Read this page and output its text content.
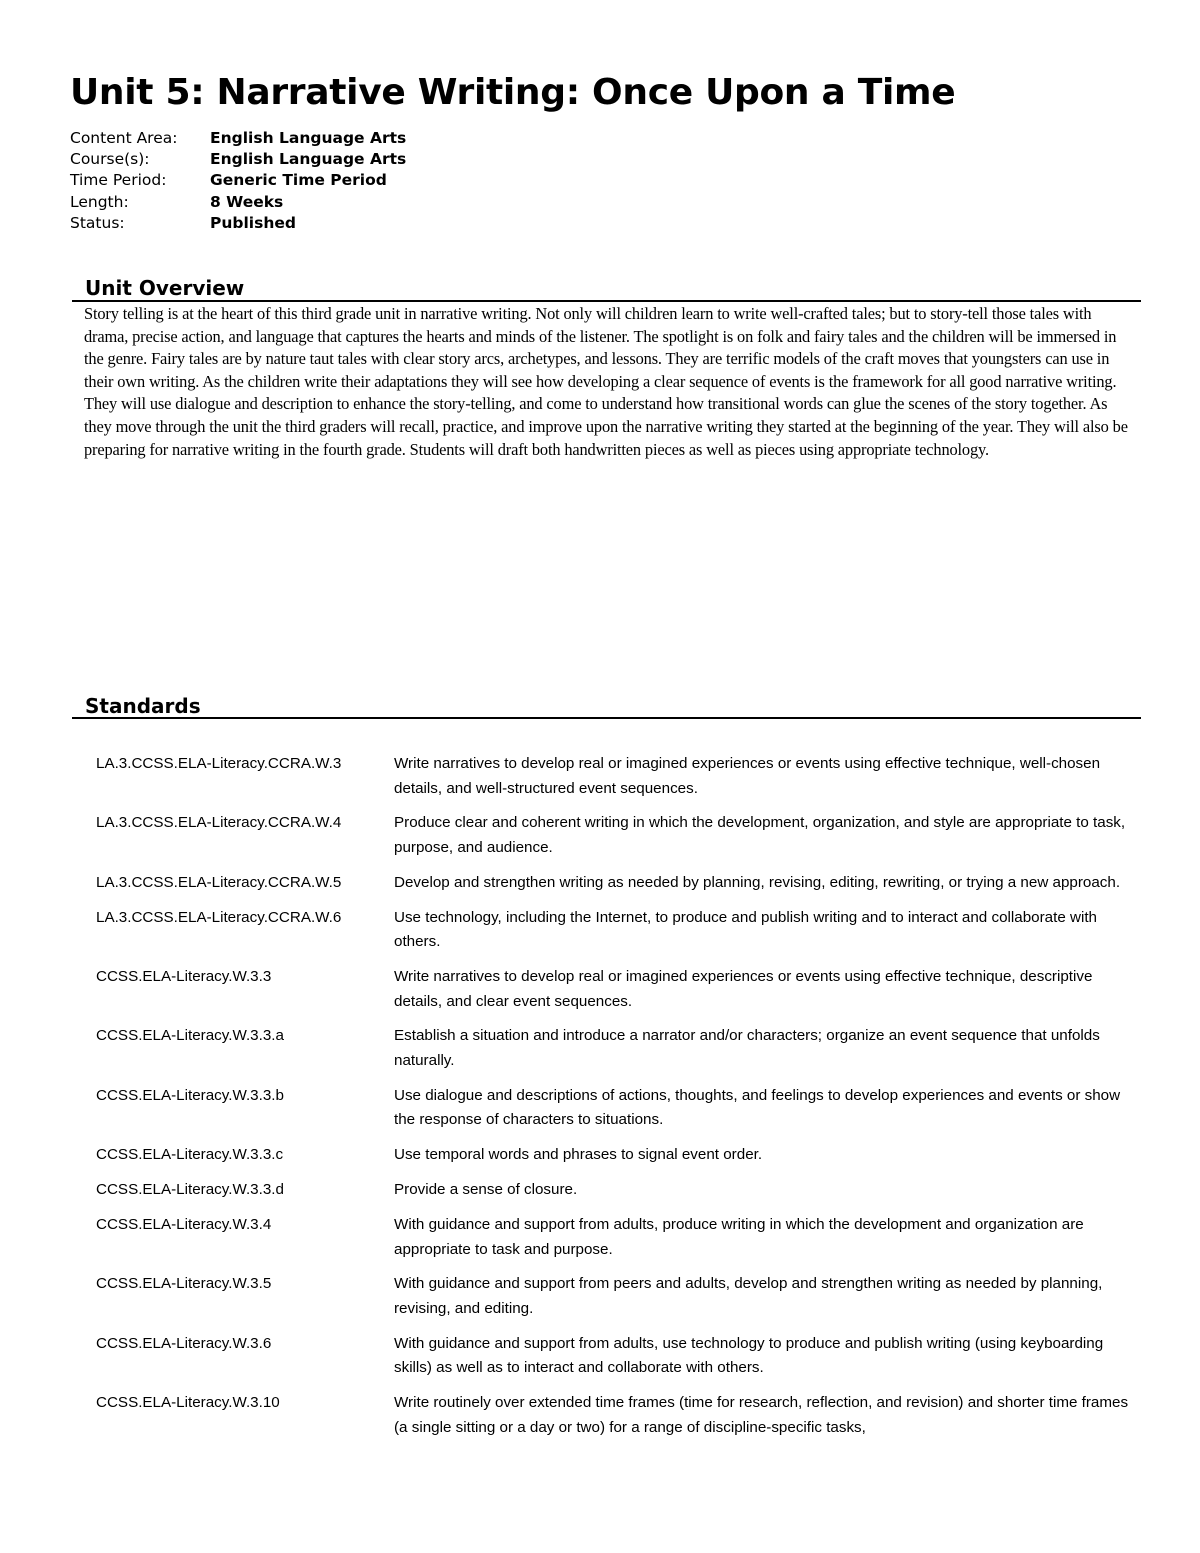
Unit 5: Narrative Writing: Once Upon a Time
Content Area:	English Language Arts
Course(s):	English Language Arts
Time Period:	Generic Time Period
Length:	8 Weeks
Status:	Published
Unit Overview
Story telling is at the heart of this third grade unit in narrative writing. Not only will children learn to write well-crafted tales; but to story-tell those tales with drama, precise action, and language that captures the hearts and minds of the listener. The spotlight is on folk and fairy tales and the children will be immersed in the genre. Fairy tales are by nature taut tales with clear story arcs, archetypes, and lessons. They are terrific models of the craft moves that youngsters can use in their own writing. As the children write their adaptations they will see how developing a clear sequence of events is the framework for all good narrative writing. They will use dialogue and description to enhance the story-telling, and come to understand how transitional words can glue the scenes of the story together. As they move through the unit the third graders will recall, practice, and improve upon the narrative writing they started at the beginning of the year. They will also be preparing for narrative writing in the fourth grade. Students will draft both handwritten pieces as well as pieces using appropriate technology.
Standards
LA.3.CCSS.ELA-Literacy.CCRA.W.3	Write narratives to develop real or imagined experiences or events using effective technique, well-chosen details, and well-structured event sequences.
LA.3.CCSS.ELA-Literacy.CCRA.W.4	Produce clear and coherent writing in which the development, organization, and style are appropriate to task, purpose, and audience.
LA.3.CCSS.ELA-Literacy.CCRA.W.5	Develop and strengthen writing as needed by planning, revising, editing, rewriting, or trying a new approach.
LA.3.CCSS.ELA-Literacy.CCRA.W.6	Use technology, including the Internet, to produce and publish writing and to interact and collaborate with others.
CCSS.ELA-Literacy.W.3.3	Write narratives to develop real or imagined experiences or events using effective technique, descriptive details, and clear event sequences.
CCSS.ELA-Literacy.W.3.3.a	Establish a situation and introduce a narrator and/or characters; organize an event sequence that unfolds naturally.
CCSS.ELA-Literacy.W.3.3.b	Use dialogue and descriptions of actions, thoughts, and feelings to develop experiences and events or show the response of characters to situations.
CCSS.ELA-Literacy.W.3.3.c	Use temporal words and phrases to signal event order.
CCSS.ELA-Literacy.W.3.3.d	Provide a sense of closure.
CCSS.ELA-Literacy.W.3.4	With guidance and support from adults, produce writing in which the development and organization are appropriate to task and purpose.
CCSS.ELA-Literacy.W.3.5	With guidance and support from peers and adults, develop and strengthen writing as needed by planning, revising, and editing.
CCSS.ELA-Literacy.W.3.6	With guidance and support from adults, use technology to produce and publish writing (using keyboarding skills) as well as to interact and collaborate with others.
CCSS.ELA-Literacy.W.3.10	Write routinely over extended time frames (time for research, reflection, and revision) and shorter time frames (a single sitting or a day or two) for a range of discipline-specific tasks,
